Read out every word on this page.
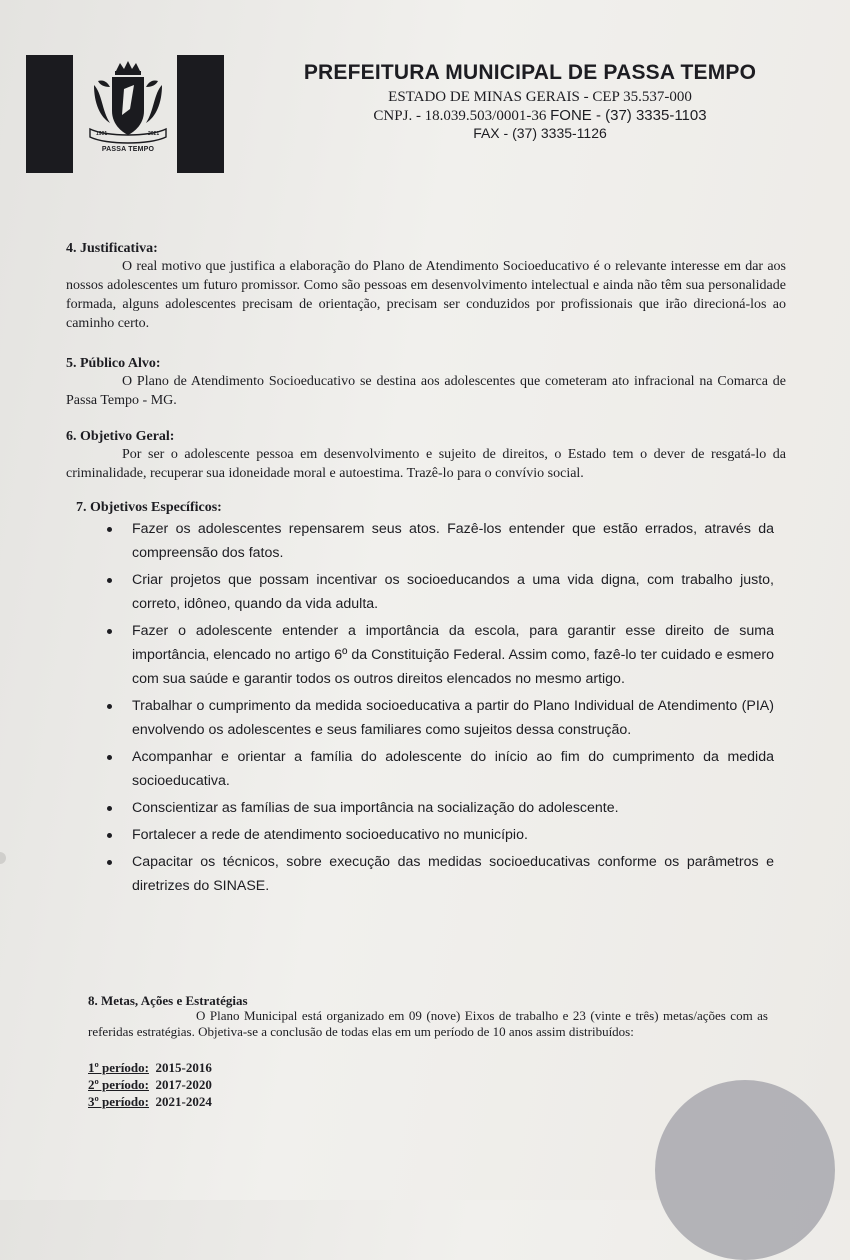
1901	2021
PASSA TEMPO
PREFEITURA MUNICIPAL DE PASSA TEMPO
ESTADO DE MINAS GERAIS - CEP 35.537-000
CNPJ. - 18.039.503/0001-36 FONE - (37) 3335-1103
FAX - (37) 3335-1126
4. Justificativa:
O real motivo que justifica a elaboração do Plano de Atendimento Socioeducativo é o relevante interesse em dar aos nossos adolescentes um futuro promissor. Como são pessoas em desenvolvimento intelectual e ainda não têm sua personalidade formada, alguns adolescentes precisam de orientação, precisam ser conduzidos por profissionais que irão direcioná-los ao caminho certo.
5. Público Alvo:
O Plano de Atendimento Socioeducativo se destina aos adolescentes que cometeram ato infracional na Comarca de Passa Tempo - MG.
6. Objetivo Geral:
Por ser o adolescente pessoa em desenvolvimento e sujeito de direitos, o Estado tem o dever de resgatá-lo da criminalidade, recuperar sua idoneidade moral e autoestima. Trazê-lo para o convívio social.
7. Objetivos Específicos:
Fazer os adolescentes repensarem seus atos. Fazê-los entender que estão errados, através da compreensão dos fatos.
Criar projetos que possam incentivar os socioeducandos a uma vida digna, com trabalho justo, correto, idôneo, quando da vida adulta.
Fazer o adolescente entender a importância da escola, para garantir esse direito de suma importância, elencado no artigo 6º da Constituição Federal. Assim como, fazê-lo ter cuidado e esmero com sua saúde e garantir todos os outros direitos elencados no mesmo artigo.
Trabalhar o cumprimento da medida socioeducativa a partir do Plano Individual de Atendimento (PIA) envolvendo os adolescentes e seus familiares como sujeitos dessa construção.
Acompanhar e orientar a família do adolescente do início ao fim do cumprimento da medida socioeducativa.
Conscientizar as famílias de sua importância na socialização do adolescente.
Fortalecer a rede de atendimento socioeducativo no município.
Capacitar os técnicos, sobre execução das medidas socioeducativas conforme os parâmetros e diretrizes do SINASE.
8. Metas, Ações e Estratégias
O Plano Municipal está organizado em 09 (nove) Eixos de trabalho e 23 (vinte e três) metas/ações com as referidas estratégias. Objetiva-se a conclusão de todas elas em um período de 10 anos assim distribuídos:
1º período: 2015-2016
2º período: 2017-2020
3º período: 2021-2024
